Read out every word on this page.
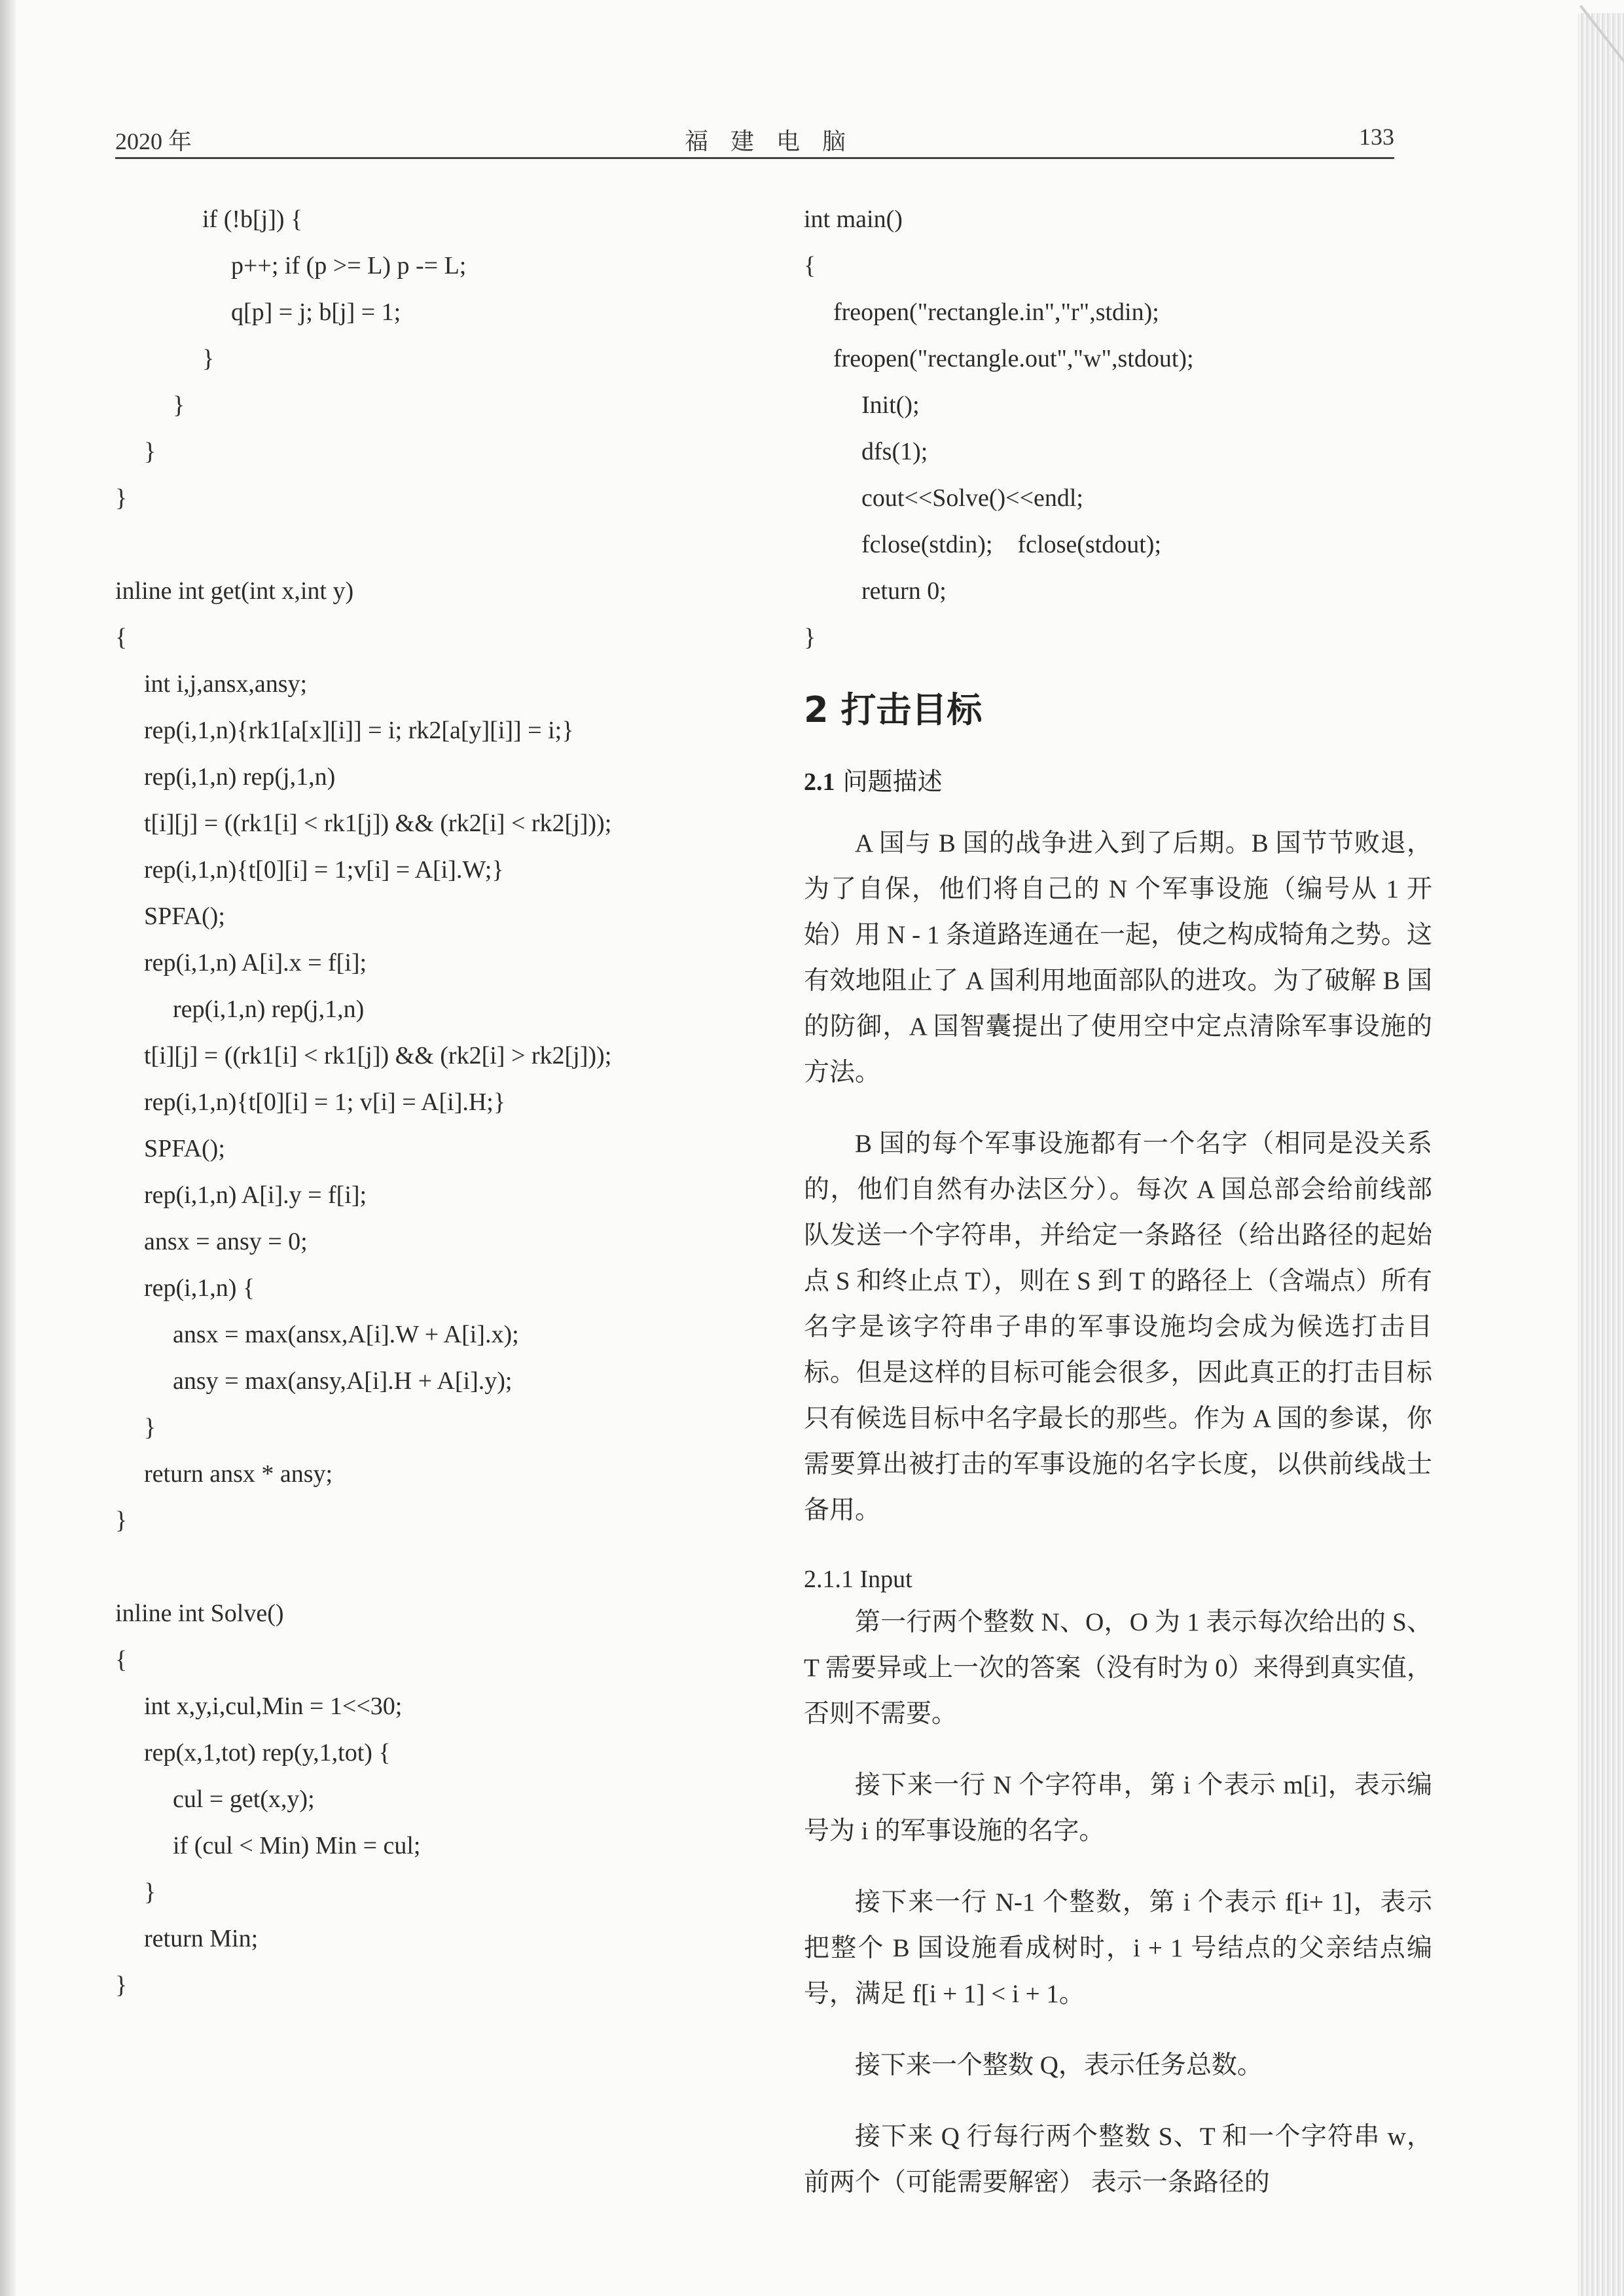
2020 年	福建电脑	133
if (!b[j]) {
p++; if (p >= L) p -= L;
q[p] = j; b[j] = 1;
}
}
}
}
inline int get(int x,int y)
{
int i,j,ansx,ansy;
rep(i,1,n){rk1[a[x][i]] = i; rk2[a[y][i]] = i;}
rep(i,1,n) rep(j,1,n)
t[i][j] = ((rk1[i] < rk1[j]) && (rk2[i] < rk2[j]));
rep(i,1,n){t[0][i] = 1;v[i] = A[i].W;}
SPFA();
rep(i,1,n) A[i].x = f[i];
rep(i,1,n) rep(j,1,n)
t[i][j] = ((rk1[i] < rk1[j]) && (rk2[i] > rk2[j]));
rep(i,1,n){t[0][i] = 1; v[i] = A[i].H;}
SPFA();
rep(i,1,n) A[i].y = f[i];
ansx = ansy = 0;
rep(i,1,n) {
ansx = max(ansx,A[i].W + A[i].x);
ansy = max(ansy,A[i].H + A[i].y);
}
return ansx * ansy;
}
inline int Solve()
{
int x,y,i,cul,Min = 1<<30;
rep(x,1,tot) rep(y,1,tot) {
cul = get(x,y);
if (cul < Min) Min = cul;
}
return Min;
}
int main()
{
freopen("rectangle.in","r",stdin);
freopen("rectangle.out","w",stdout);
Init();
dfs(1);
cout<<Solve()<<endl;
fclose(stdin);    fclose(stdout);
return 0;
}
2 打击目标
2.1 问题描述

A 国与 B 国的战争进入到了后期。B 国节节败退，为了自保，他们将自己的 N 个军事设施（编号从 1 开始）用 N - 1 条道路连通在一起，使之构成犄角之势。这有效地阻止了 A 国利用地面部队的进攻。为了破解 B 国的防御，A 国智囊提出了使用空中定点清除军事设施的方法。

B 国的每个军事设施都有一个名字（相同是没关系的，他们自然有办法区分）。每次 A 国总部会给前线部队发送一个字符串，并给定一条路径（给出路径的起始点 S 和终止点 T），则在 S 到 T 的路径上（含端点）所有名字是该字符串子串的军事设施均会成为候选打击目标。但是这样的目标可能会很多，因此真正的打击目标只有候选目标中名字最长的那些。作为 A 国的参谋，你需要算出被打击的军事设施的名字长度，以供前线战士备用。

2.1.1 Input

第一行两个整数 N、O，O 为 1 表示每次给出的 S、T 需要异或上一次的答案（没有时为 0）来得到真实值，否则不需要。

接下来一行 N 个字符串，第 i 个表示 m[i]，表示编号为 i 的军事设施的名字。

接下来一行 N-1 个整数，第 i 个表示 f[i+ 1]，表示把整个 B 国设施看成树时，i + 1 号结点的父亲结点编号，满足 f[i + 1] < i + 1。

接下来一个整数 Q，表示任务总数。

接下来 Q 行每行两个整数 S、T 和一个字符串 w，前两个（可能需要解密） 表示一条路径的
